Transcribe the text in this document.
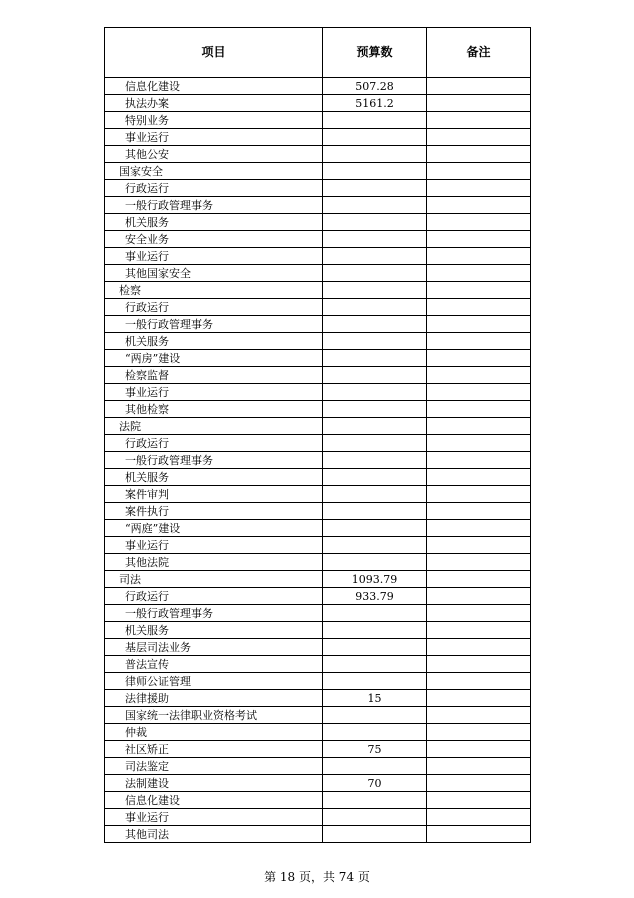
项目	预算数	备注
信息化建设	507.28	
执法办案	5161.2	
特别业务		
事业运行		
其他公安		
国家安全		
行政运行		
一般行政管理事务		
机关服务		
安全业务		
事业运行		
其他国家安全		
检察		
行政运行		
一般行政管理事务		
机关服务		
“两房”建设		
检察监督		
事业运行		
其他检察		
法院		
行政运行		
一般行政管理事务		
机关服务		
案件审判		
案件执行		
“两庭”建设		
事业运行		
其他法院		
司法	1093.79	
行政运行	933.79	
一般行政管理事务		
机关服务		
基层司法业务		
普法宣传		
律师公证管理		
法律援助	15	
国家统一法律职业资格考试		
仲裁		
社区矫正	75	
司法鉴定		
法制建设	70	
信息化建设		
事业运行		
其他司法		
第 18 页，共 74 页
